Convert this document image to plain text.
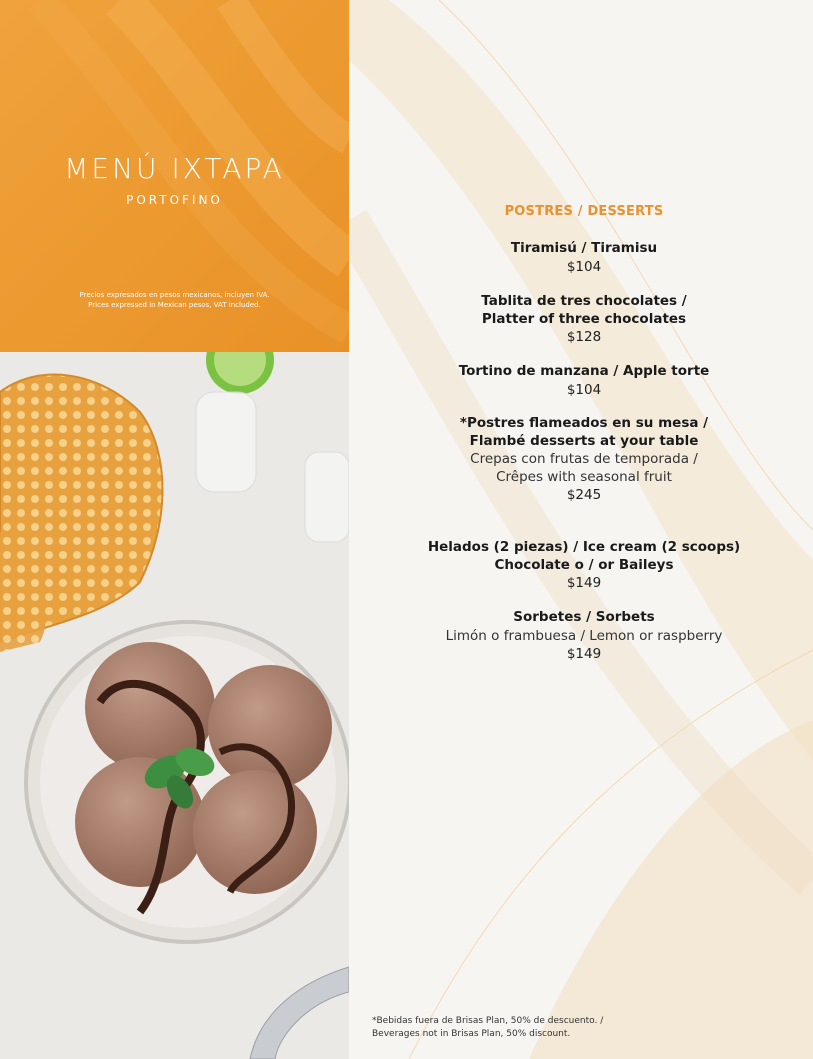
MENÚ IXTAPA
PORTOFINO
Precios expresados en pesos mexicanos, incluyen IVA.
Prices expressed in Mexican pesos, VAT included.
POSTRES / DESSERTS
Tiramisú / Tiramisu
$104
Tablita de tres chocolates /
Platter of three chocolates
$128
Tortino de manzana / Apple torte
$104
*Postres flameados en su mesa /
Flambé desserts at your table
Crepas con frutas de temporada /
Crêpes with seasonal fruit
$245
Helados (2 piezas) / Ice cream (2 scoops)
Chocolate o / or Baileys
$149
Sorbetes / Sorbets
Limón o frambuesa / Lemon or raspberry
$149
*Bebidas fuera de Brisas Plan, 50% de descuento. /
Beverages not in Brisas Plan, 50% discount.
